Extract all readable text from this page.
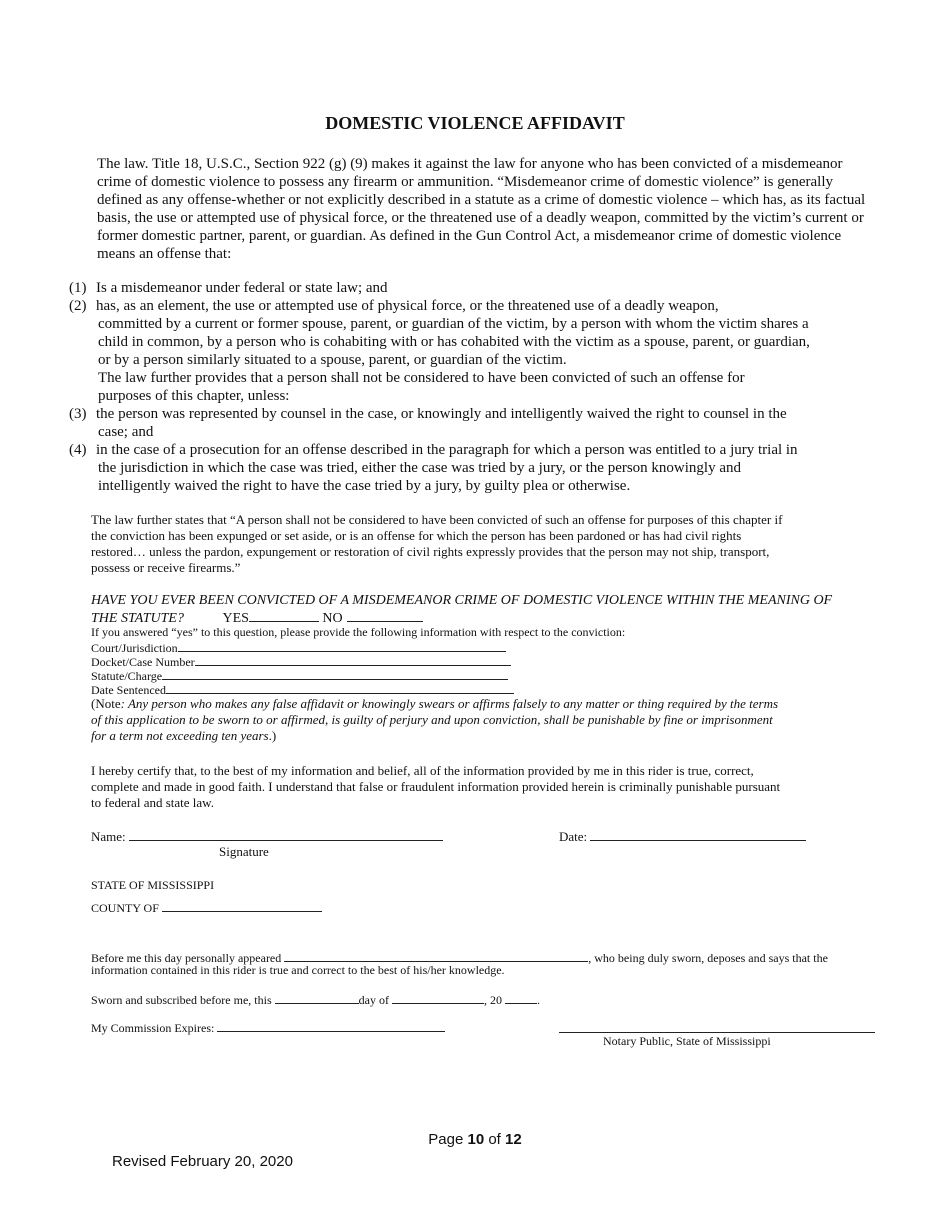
DOMESTIC VIOLENCE AFFIDAVIT
The law. Title 18, U.S.C., Section 922 (g) (9) makes it against the law for anyone who has been convicted of a misdemeanor
crime of domestic violence to possess any firearm or ammunition. “Misdemeanor crime of domestic violence” is generally
defined as any offense-whether or not explicitly described in a statute as a crime of domestic violence – which has, as its factual
basis, the use or attempted use of physical force, or the threatened use of a deadly weapon, committed by the victim’s current or
former domestic partner, parent, or guardian. As defined in the Gun Control Act, a misdemeanor crime of domestic violence
means an offense that:
(1) Is a misdemeanor under federal or state law; and
(2) has, as an element, the use or attempted use of physical force, or the threatened use of a deadly weapon,
committed by a current or former spouse, parent, or guardian of the victim, by a person with whom the victim shares a
child in common, by a person who is cohabiting with or has cohabited with the victim as a spouse, parent, or guardian,
or by a person similarly situated to a spouse, parent, or guardian of the victim.
The law further provides that a person shall not be considered to have been convicted of such an offense for
purposes of this chapter, unless:
(3) the person was represented by counsel in the case, or knowingly and intelligently waived the right to counsel in the
case; and
(4) in the case of a prosecution for an offense described in the paragraph for which a person was entitled to a jury trial in
the jurisdiction in which the case was tried, either the case was tried by a jury, or the person knowingly and
intelligently waived the right to have the case tried by a jury, by guilty plea or otherwise.
The law further states that “A person shall not be considered to have been convicted of such an offense for purposes of this chapter if
the conviction has been expunged or set aside, or is an offense for which the person has been pardoned or has had civil rights
restored… unless the pardon, expungement or restoration of civil rights expressly provides that the person may not ship, transport,
possess or receive firearms.”
HAVE YOU EVER BEEN CONVICTED OF A MISDEMEANOR CRIME OF DOMESTIC VIOLENCE WITHIN THE MEANING OF
THE STATUTE?	YES	NO
If you answered “yes” to this question, please provide the following information with respect to the conviction:
Court/Jurisdiction
Docket/Case Number
Statute/Charge
Date Sentenced
(Note: Any person who makes any false affidavit or knowingly swears or affirms falsely to any matter or thing required by the terms
of this application to be sworn to or affirmed, is guilty of perjury and upon conviction, shall be punishable by fine or imprisonment
for a term not exceeding ten years.)
I hereby certify that, to the best of my information and belief, all of the information provided by me in this rider is true, correct,
complete and made in good faith. I understand that false or fraudulent information provided herein is criminally punishable pursuant
to federal and state law.
Name:
Signature
Date:
STATE OF MISSISSIPPI
COUNTY OF
Before me this day personally appeared	, who being duly sworn, deposes and says that the
information contained in this rider is true and correct to the best of his/her knowledge.
Sworn and subscribed before me, this	day of	, 20	.
My Commission Expires:
Notary Public, State of Mississippi
Page 10 of 12
Revised February 20, 2020
